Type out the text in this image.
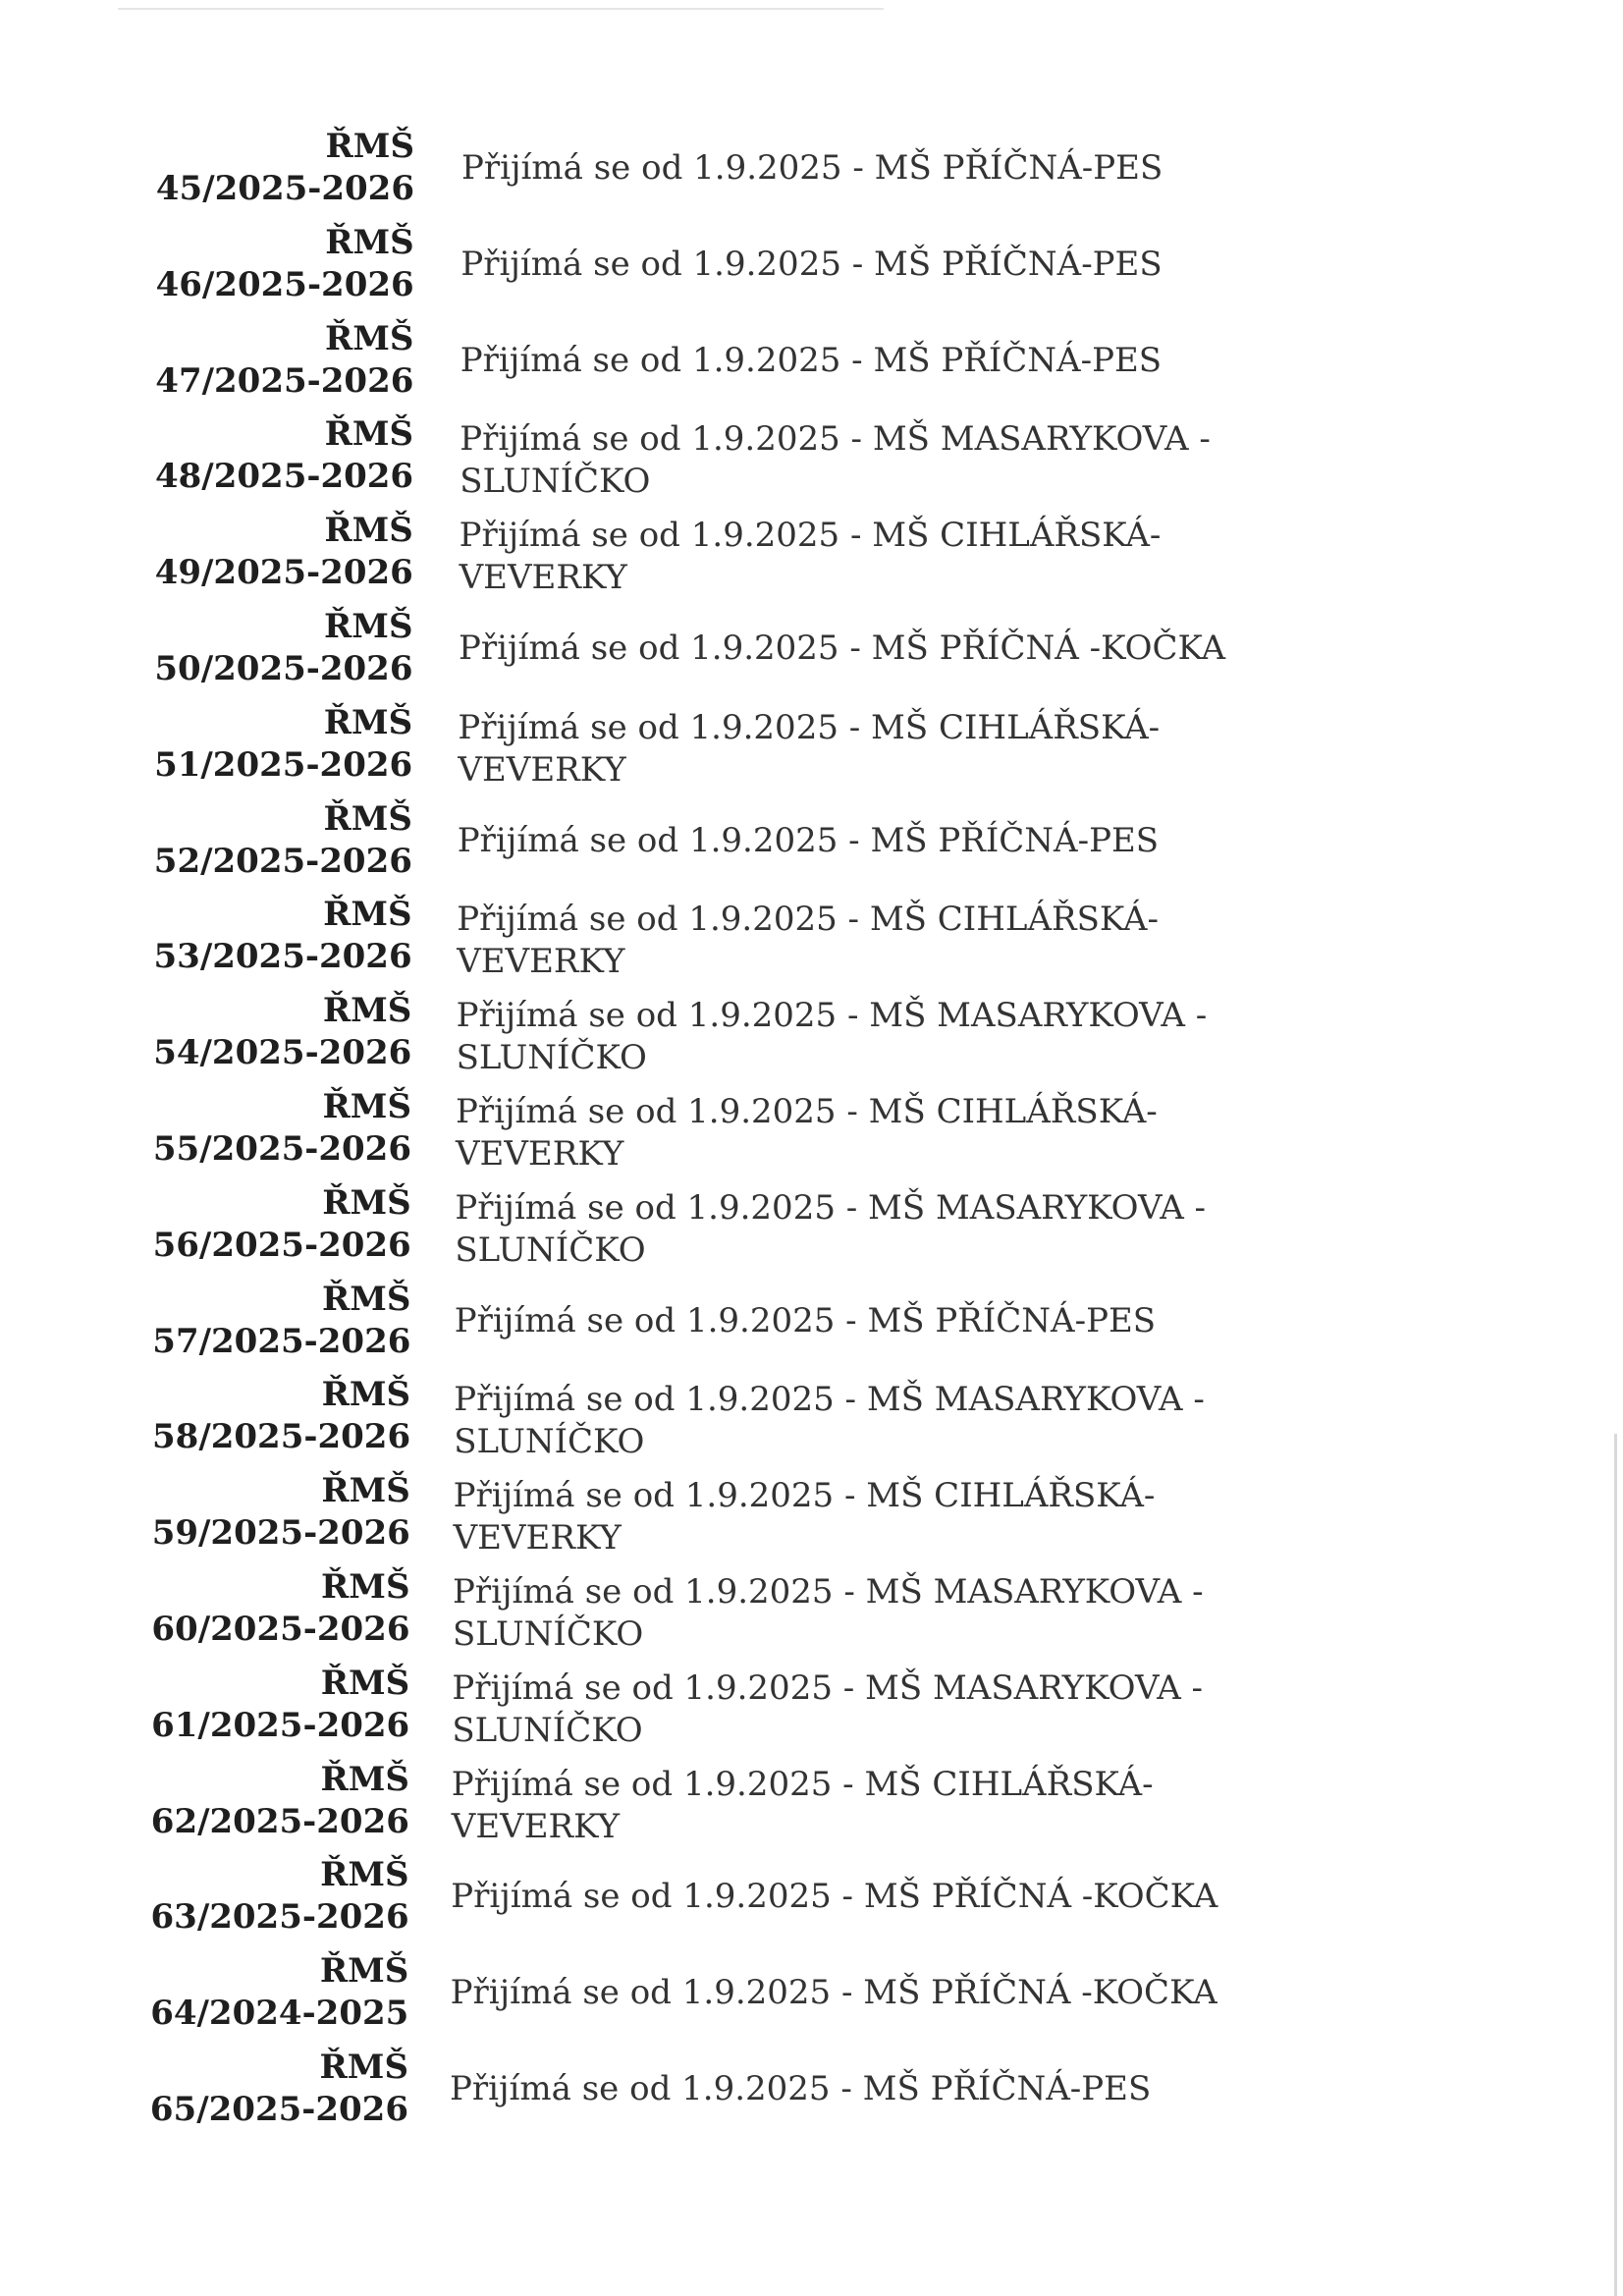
ŘMŠ
45/2025-2026
Přijímá se od 1.9.2025 - MŠ PŘÍČNÁ-PES
ŘMŠ
46/2025-2026
Přijímá se od 1.9.2025 - MŠ PŘÍČNÁ-PES
ŘMŠ
47/2025-2026
Přijímá se od 1.9.2025 - MŠ PŘÍČNÁ-PES
ŘMŠ
48/2025-2026
Přijímá se od 1.9.2025 - MŠ MASARYKOVA -
SLUNÍČKO
ŘMŠ
49/2025-2026
Přijímá se od 1.9.2025 - MŠ CIHLÁŘSKÁ-
VEVERKY
ŘMŠ
50/2025-2026
Přijímá se od 1.9.2025 - MŠ PŘÍČNÁ -KOČKA
ŘMŠ
51/2025-2026
Přijímá se od 1.9.2025 - MŠ CIHLÁŘSKÁ-
VEVERKY
ŘMŠ
52/2025-2026
Přijímá se od 1.9.2025 - MŠ PŘÍČNÁ-PES
ŘMŠ
53/2025-2026
Přijímá se od 1.9.2025 - MŠ CIHLÁŘSKÁ-
VEVERKY
ŘMŠ
54/2025-2026
Přijímá se od 1.9.2025 - MŠ MASARYKOVA -
SLUNÍČKO
ŘMŠ
55/2025-2026
Přijímá se od 1.9.2025 - MŠ CIHLÁŘSKÁ-
VEVERKY
ŘMŠ
56/2025-2026
Přijímá se od 1.9.2025 - MŠ MASARYKOVA -
SLUNÍČKO
ŘMŠ
57/2025-2026
Přijímá se od 1.9.2025 - MŠ PŘÍČNÁ-PES
ŘMŠ
58/2025-2026
Přijímá se od 1.9.2025 - MŠ MASARYKOVA -
SLUNÍČKO
ŘMŠ
59/2025-2026
Přijímá se od 1.9.2025 - MŠ CIHLÁŘSKÁ-
VEVERKY
ŘMŠ
60/2025-2026
Přijímá se od 1.9.2025 - MŠ MASARYKOVA -
SLUNÍČKO
ŘMŠ
61/2025-2026
Přijímá se od 1.9.2025 - MŠ MASARYKOVA -
SLUNÍČKO
ŘMŠ
62/2025-2026
Přijímá se od 1.9.2025 - MŠ CIHLÁŘSKÁ-
VEVERKY
ŘMŠ
63/2025-2026
Přijímá se od 1.9.2025 - MŠ PŘÍČNÁ -KOČKA
ŘMŠ
64/2024-2025
Přijímá se od 1.9.2025 - MŠ PŘÍČNÁ -KOČKA
ŘMŠ
65/2025-2026
Přijímá se od 1.9.2025 - MŠ PŘÍČNÁ-PES
